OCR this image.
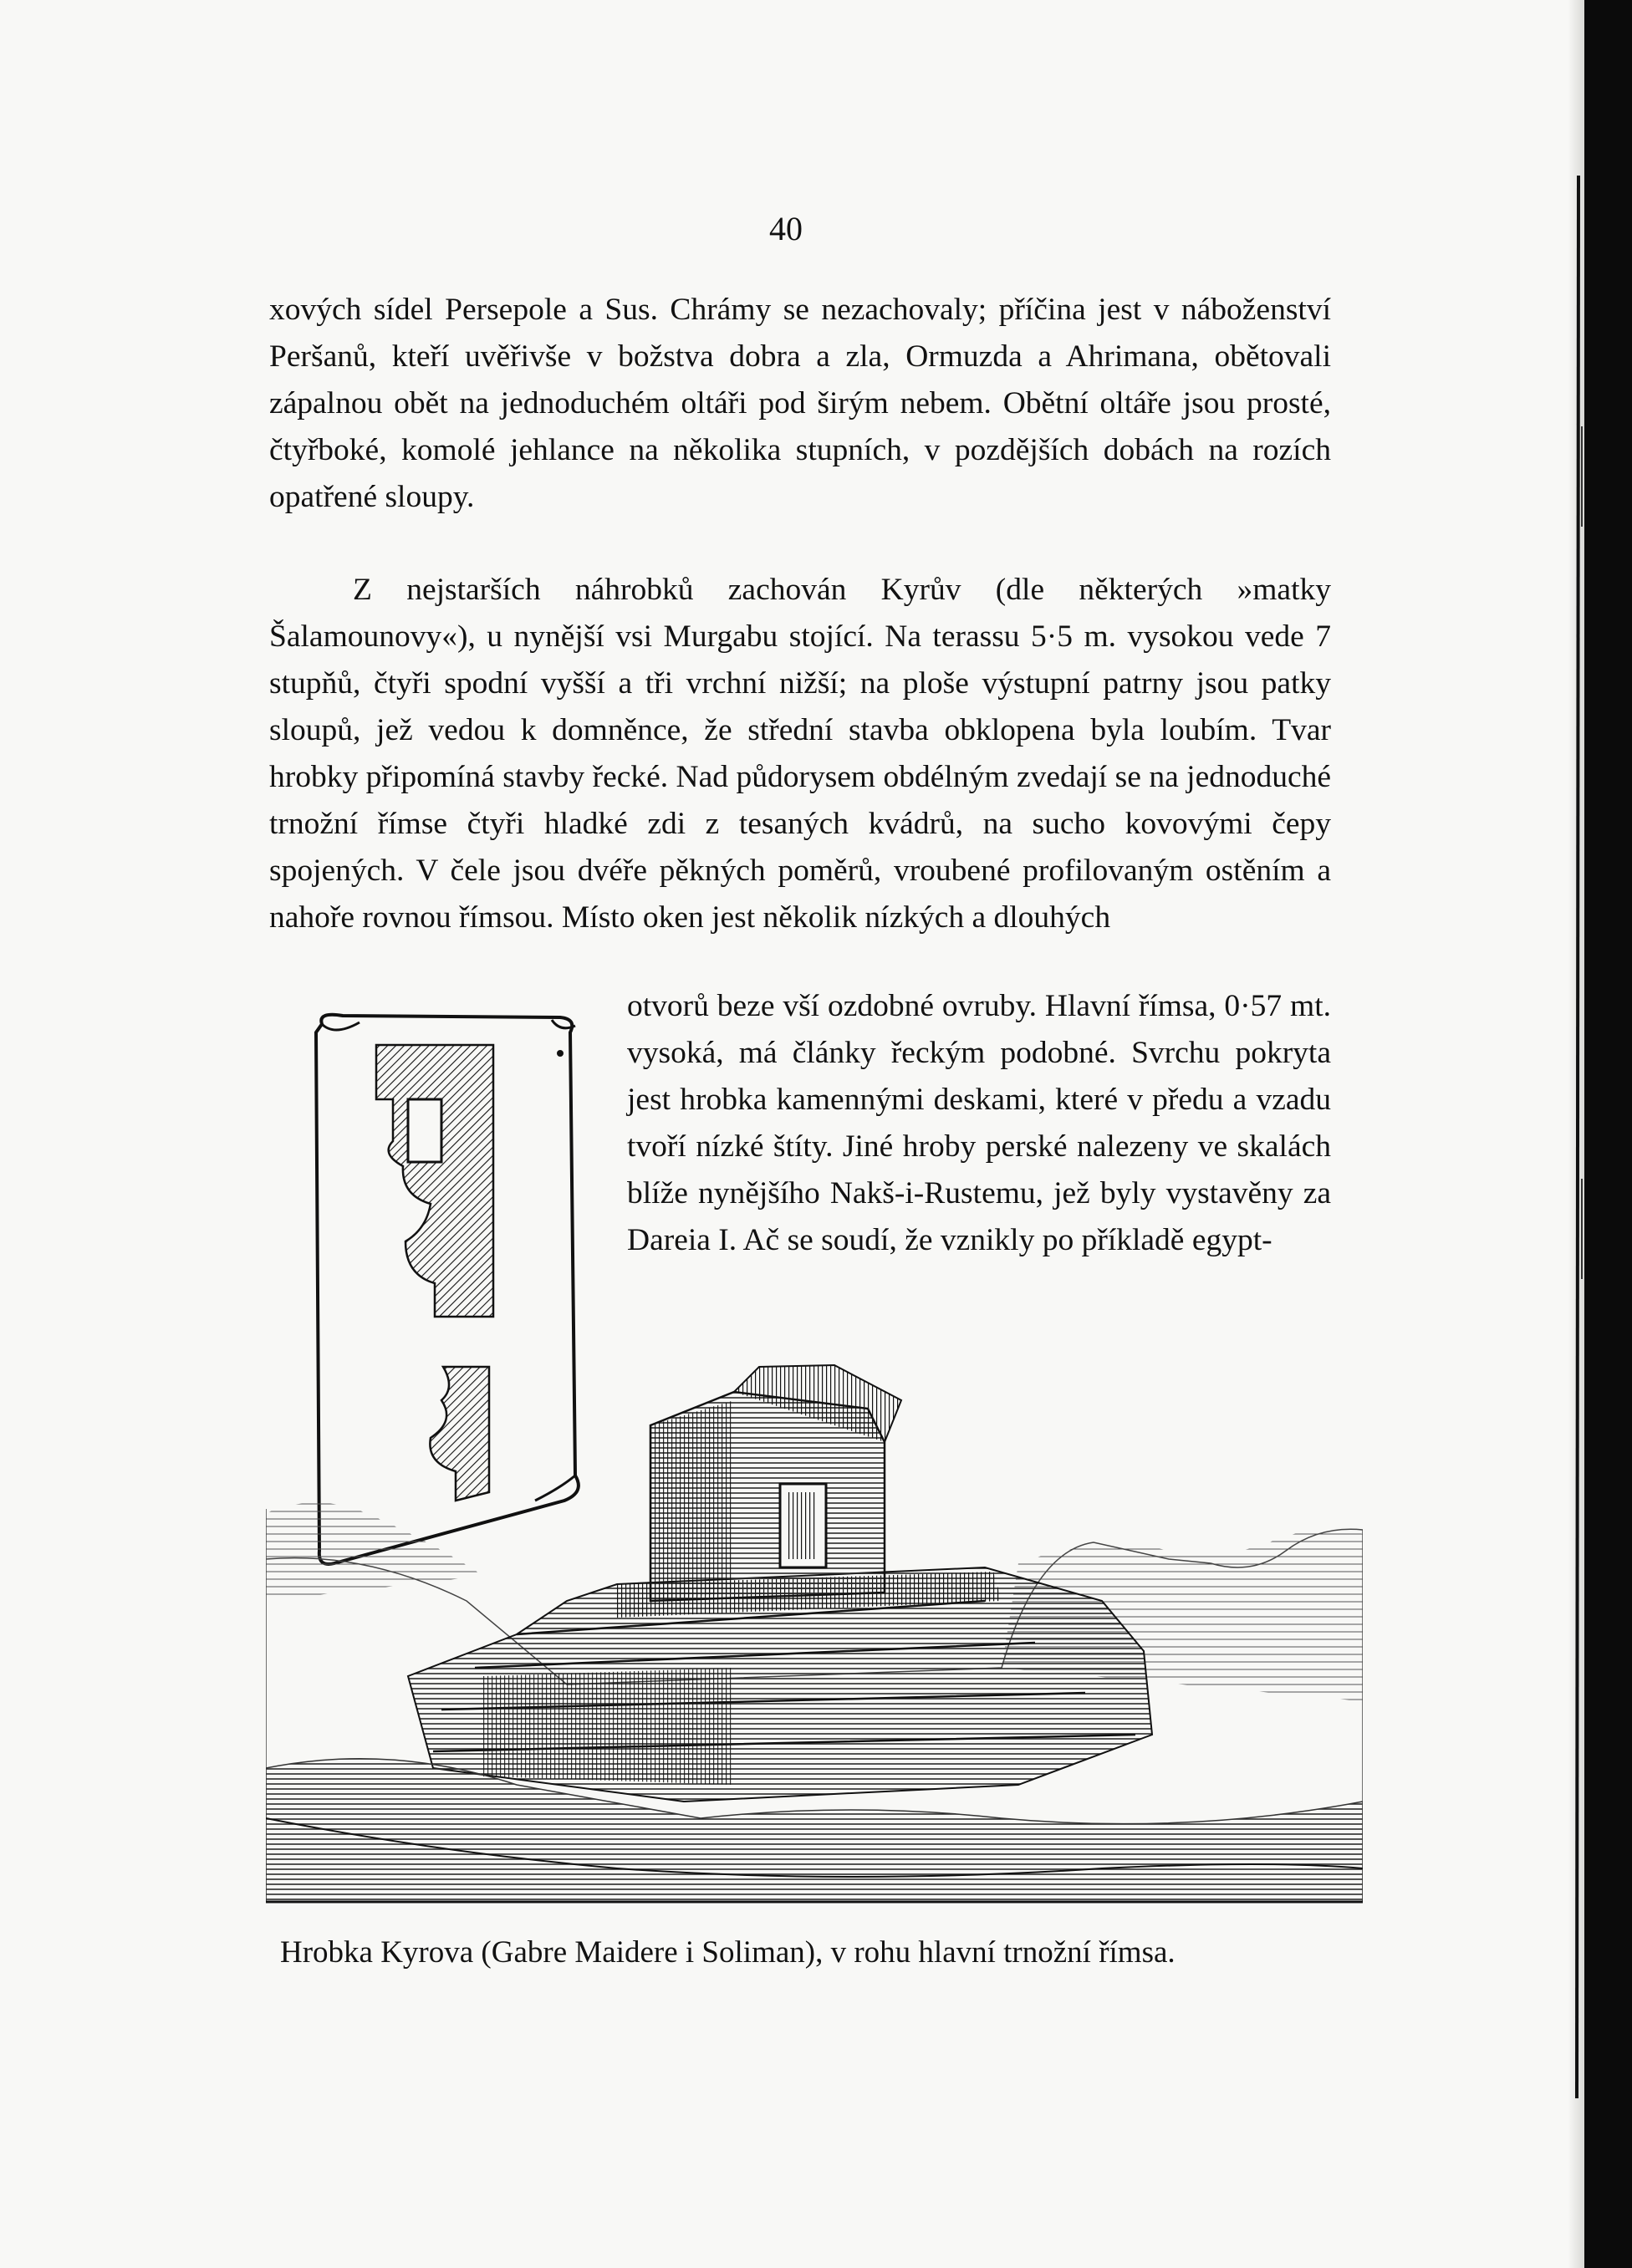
40

xových sídel Persepole a Sus. Chrámy se nezachovaly; příčina jest v náboženství Peršanů, kteří uvěřivše v božstva dobra a zla, Ormuzda a Ahrimana, obětovali zápalnou obět na jednoduchém oltáři pod širým nebem. Obětní oltáře jsou prosté, čtyřboké, komolé jehlance na několika stupních, v pozdějších dobách na rozích opatřené sloupy.

Z nejstarších náhrobků zachován Kyrův (dle některých »matky Šalamounovy«), u nynější vsi Murgabu stojící. Na terassu 5·5 m. vysokou vede 7 stupňů, čtyři spodní vyšší a tři vrchní nižší; na ploše výstupní patrny jsou patky sloupů, jež vedou k domněnce, že střední stavba obklopena byla loubím. Tvar hrobky připomíná stavby řecké. Nad půdorysem obdélným zvedají se na jednoduché trnožní římse čtyři hladké zdi z tesaných kvádrů, na sucho kovovými čepy spojených. V čele jsou dvéře pěkných poměrů, vroubené profilovaným ostěním a nahoře rovnou římsou. Místo oken jest několik nízkých a dlouhých

otvorů beze vší ozdobné ovruby. Hlavní římsa, 0·57 mt. vysoká, má články řeckým podobné. Svrchu pokryta jest hrobka kamennými deskami, které v předu a vzadu tvoří nízké štíty. Jiné hroby perské nalezeny ve skalách blíže nynějšího Nakš-i-Rustemu, jež byly vystavěny za Dareia I. Ač se soudí, že vznikly po příkladě egypt-

Hrobka Kyrova (Gabre Maidere i Soliman), v rohu hlavní trnožní římsa.
